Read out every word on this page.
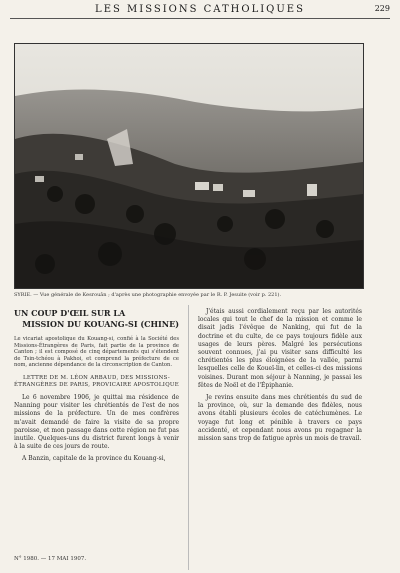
LES MISSIONS CATHOLIQUES	229
SYRIE. — Vue générale de Kesrouân ; d'après une photographie envoyée par le R. P. Jesuite (voir p. 221).
UN COUP D'ŒIL SUR LA
MISSION DU KOUANG-SI (CHINE)
Le vicariat apostolique du Kouang-si, confié à la Société des Missions-Étrangères de Paris, fait partie de la province de Canton ; il est composé de cinq départements qui s'étendent de Tsin-tchéou à Pakhoi, et comprend la préfecture de ce nom, ancienne dépendance de la circonscription de Canton.
LETTRE DE M. LÉON ARBAUD, DES MISSIONS-ÉTRANGÈRES DE PARIS, PROVICAIRE APOSTOLIQUE

Le 6 novembre 1906, je quittai ma résidence de Nanning pour visiter les chrétientés de l'est de nos missions de la préfecture. Un de mes confrères m'avait demandé de faire la visite de sa propre paroisse, et mon passage dans cette région ne fut pas inutile. Quelques-uns du district furent longs à venir à la suite de ces jours de route.

A Banzin, capitale de la province du Kouang-si,

J'étais aussi cordialement reçu par les autorités locales qui tout le chef de la mission et comme le disait jadis l'évêque de Nanking, qui fut de la doctrine et du culte, de ce pays toujours fidèle aux usages de leurs pères. Malgré les persécutions souvent connues, j'ai pu visiter sans difficulté les chrétientés les plus éloignées de la vallée, parmi lesquelles celle de Koueï-lin, et celles-ci des missions voisines. Durant mon séjour à Nanning, je passai les fêtes de Noël et de l'Épiphanie.

Je revins ensuite dans mes chrétientés du sud de la province, où, sur la demande des fidèles, nous avons établi plusieurs écoles de catéchumènes. Le voyage fut long et pénible à travers ce pays accidenté, et cependant nous avons pu regagner la mission sans trop de fatigue après un mois de travail.

N° 1980. — 17 MAI 1907.
